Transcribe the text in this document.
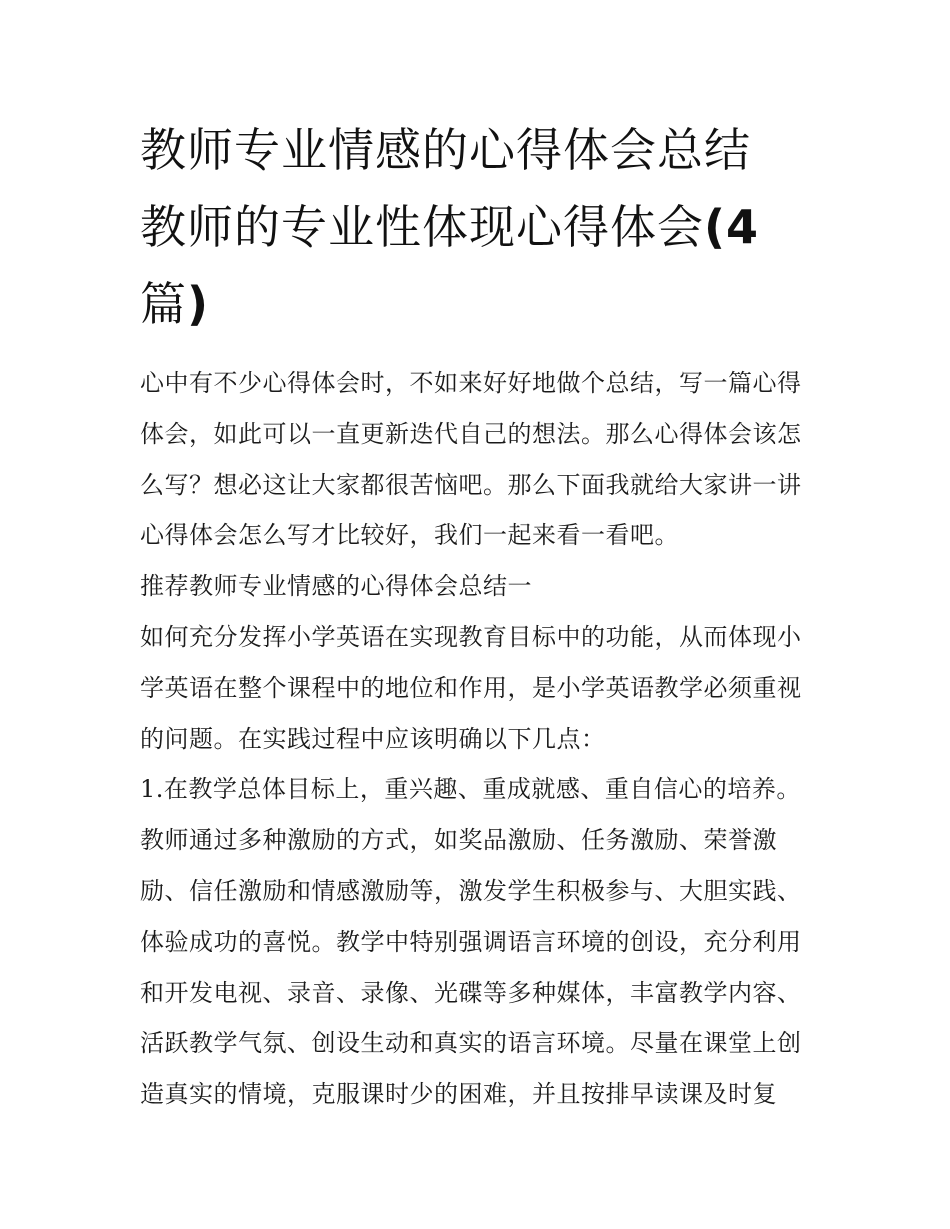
教师专业情感的心得体会总结
教师的专业性体现心得体会(4
篇)

心中有不少心得体会时，不如来好好地做个总结，写一篇心得体会，如此可以一直更新迭代自己的想法。那么心得体会该怎么写？想必这让大家都很苦恼吧。那么下面我就给大家讲一讲心得体会怎么写才比较好，我们一起来看一看吧。

推荐教师专业情感的心得体会总结一

如何充分发挥小学英语在实现教育目标中的功能，从而体现小学英语在整个课程中的地位和作用，是小学英语教学必须重视的问题。在实践过程中应该明确以下几点：

1.在教学总体目标上，重兴趣、重成就感、重自信心的培养。教师通过多种激励的方式，如奖品激励、任务激励、荣誉激励、信任激励和情感激励等，激发学生积极参与、大胆实践、体验成功的喜悦。教学中特别强调语言环境的创设，充分利用和开发电视、录音、录像、光碟等多种媒体，丰富教学内容、活跃教学气氛、创设生动和真实的语言环境。尽量在课堂上创造真实的情境，克服课时少的困难，并且按排早读课及时复
